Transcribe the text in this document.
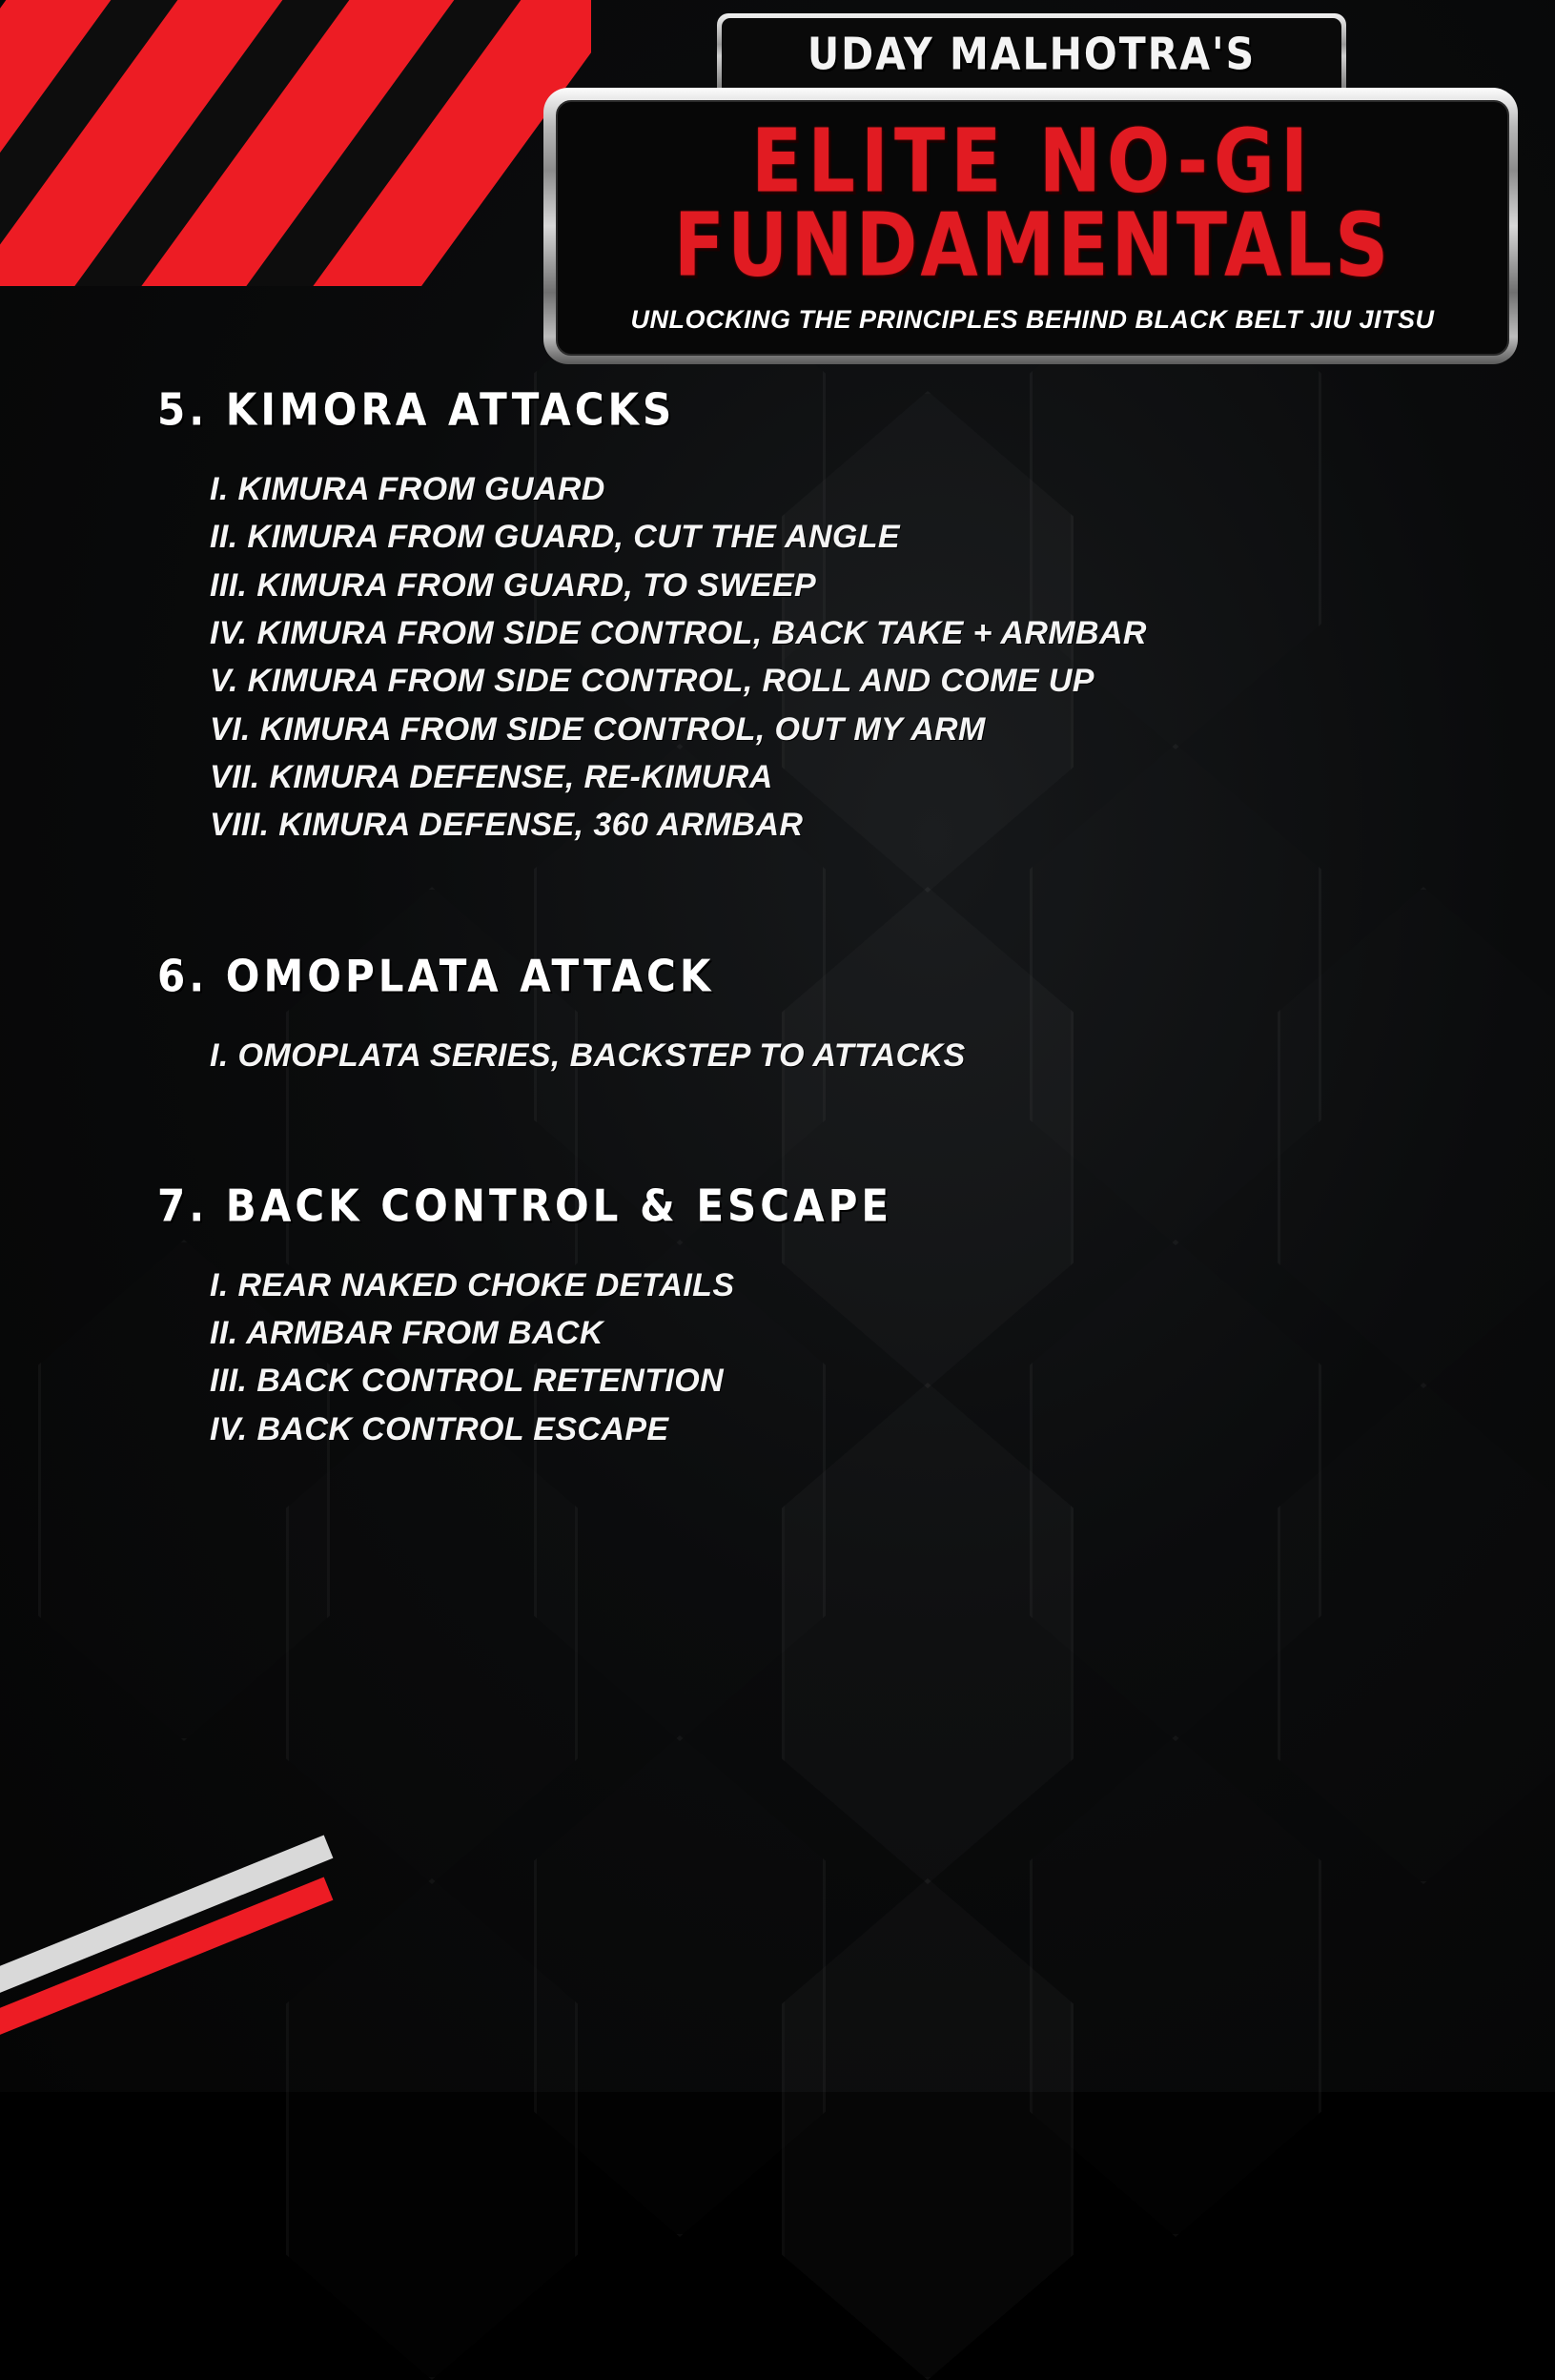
UDAY MALHOTRA'S
ELITE NO-GI
FUNDAMENTALS
UNLOCKING THE PRINCIPLES BEHIND BLACK BELT JIU JITSU
5. KIMORA ATTACKS
I. KIMURA FROM GUARD
II. KIMURA FROM GUARD, CUT THE ANGLE
III. KIMURA FROM GUARD, TO SWEEP
IV. KIMURA FROM SIDE CONTROL, BACK TAKE + ARMBAR
V. KIMURA FROM SIDE CONTROL, ROLL AND COME UP
VI. KIMURA FROM SIDE CONTROL, OUT MY ARM
VII. KIMURA DEFENSE, RE-KIMURA
VIII. KIMURA DEFENSE, 360 ARMBAR
6. OMOPLATA ATTACK
I. OMOPLATA SERIES, BACKSTEP TO ATTACKS
7. BACK CONTROL & ESCAPE
I. REAR NAKED CHOKE DETAILS
II. ARMBAR FROM BACK
III. BACK CONTROL RETENTION
IV. BACK CONTROL ESCAPE
